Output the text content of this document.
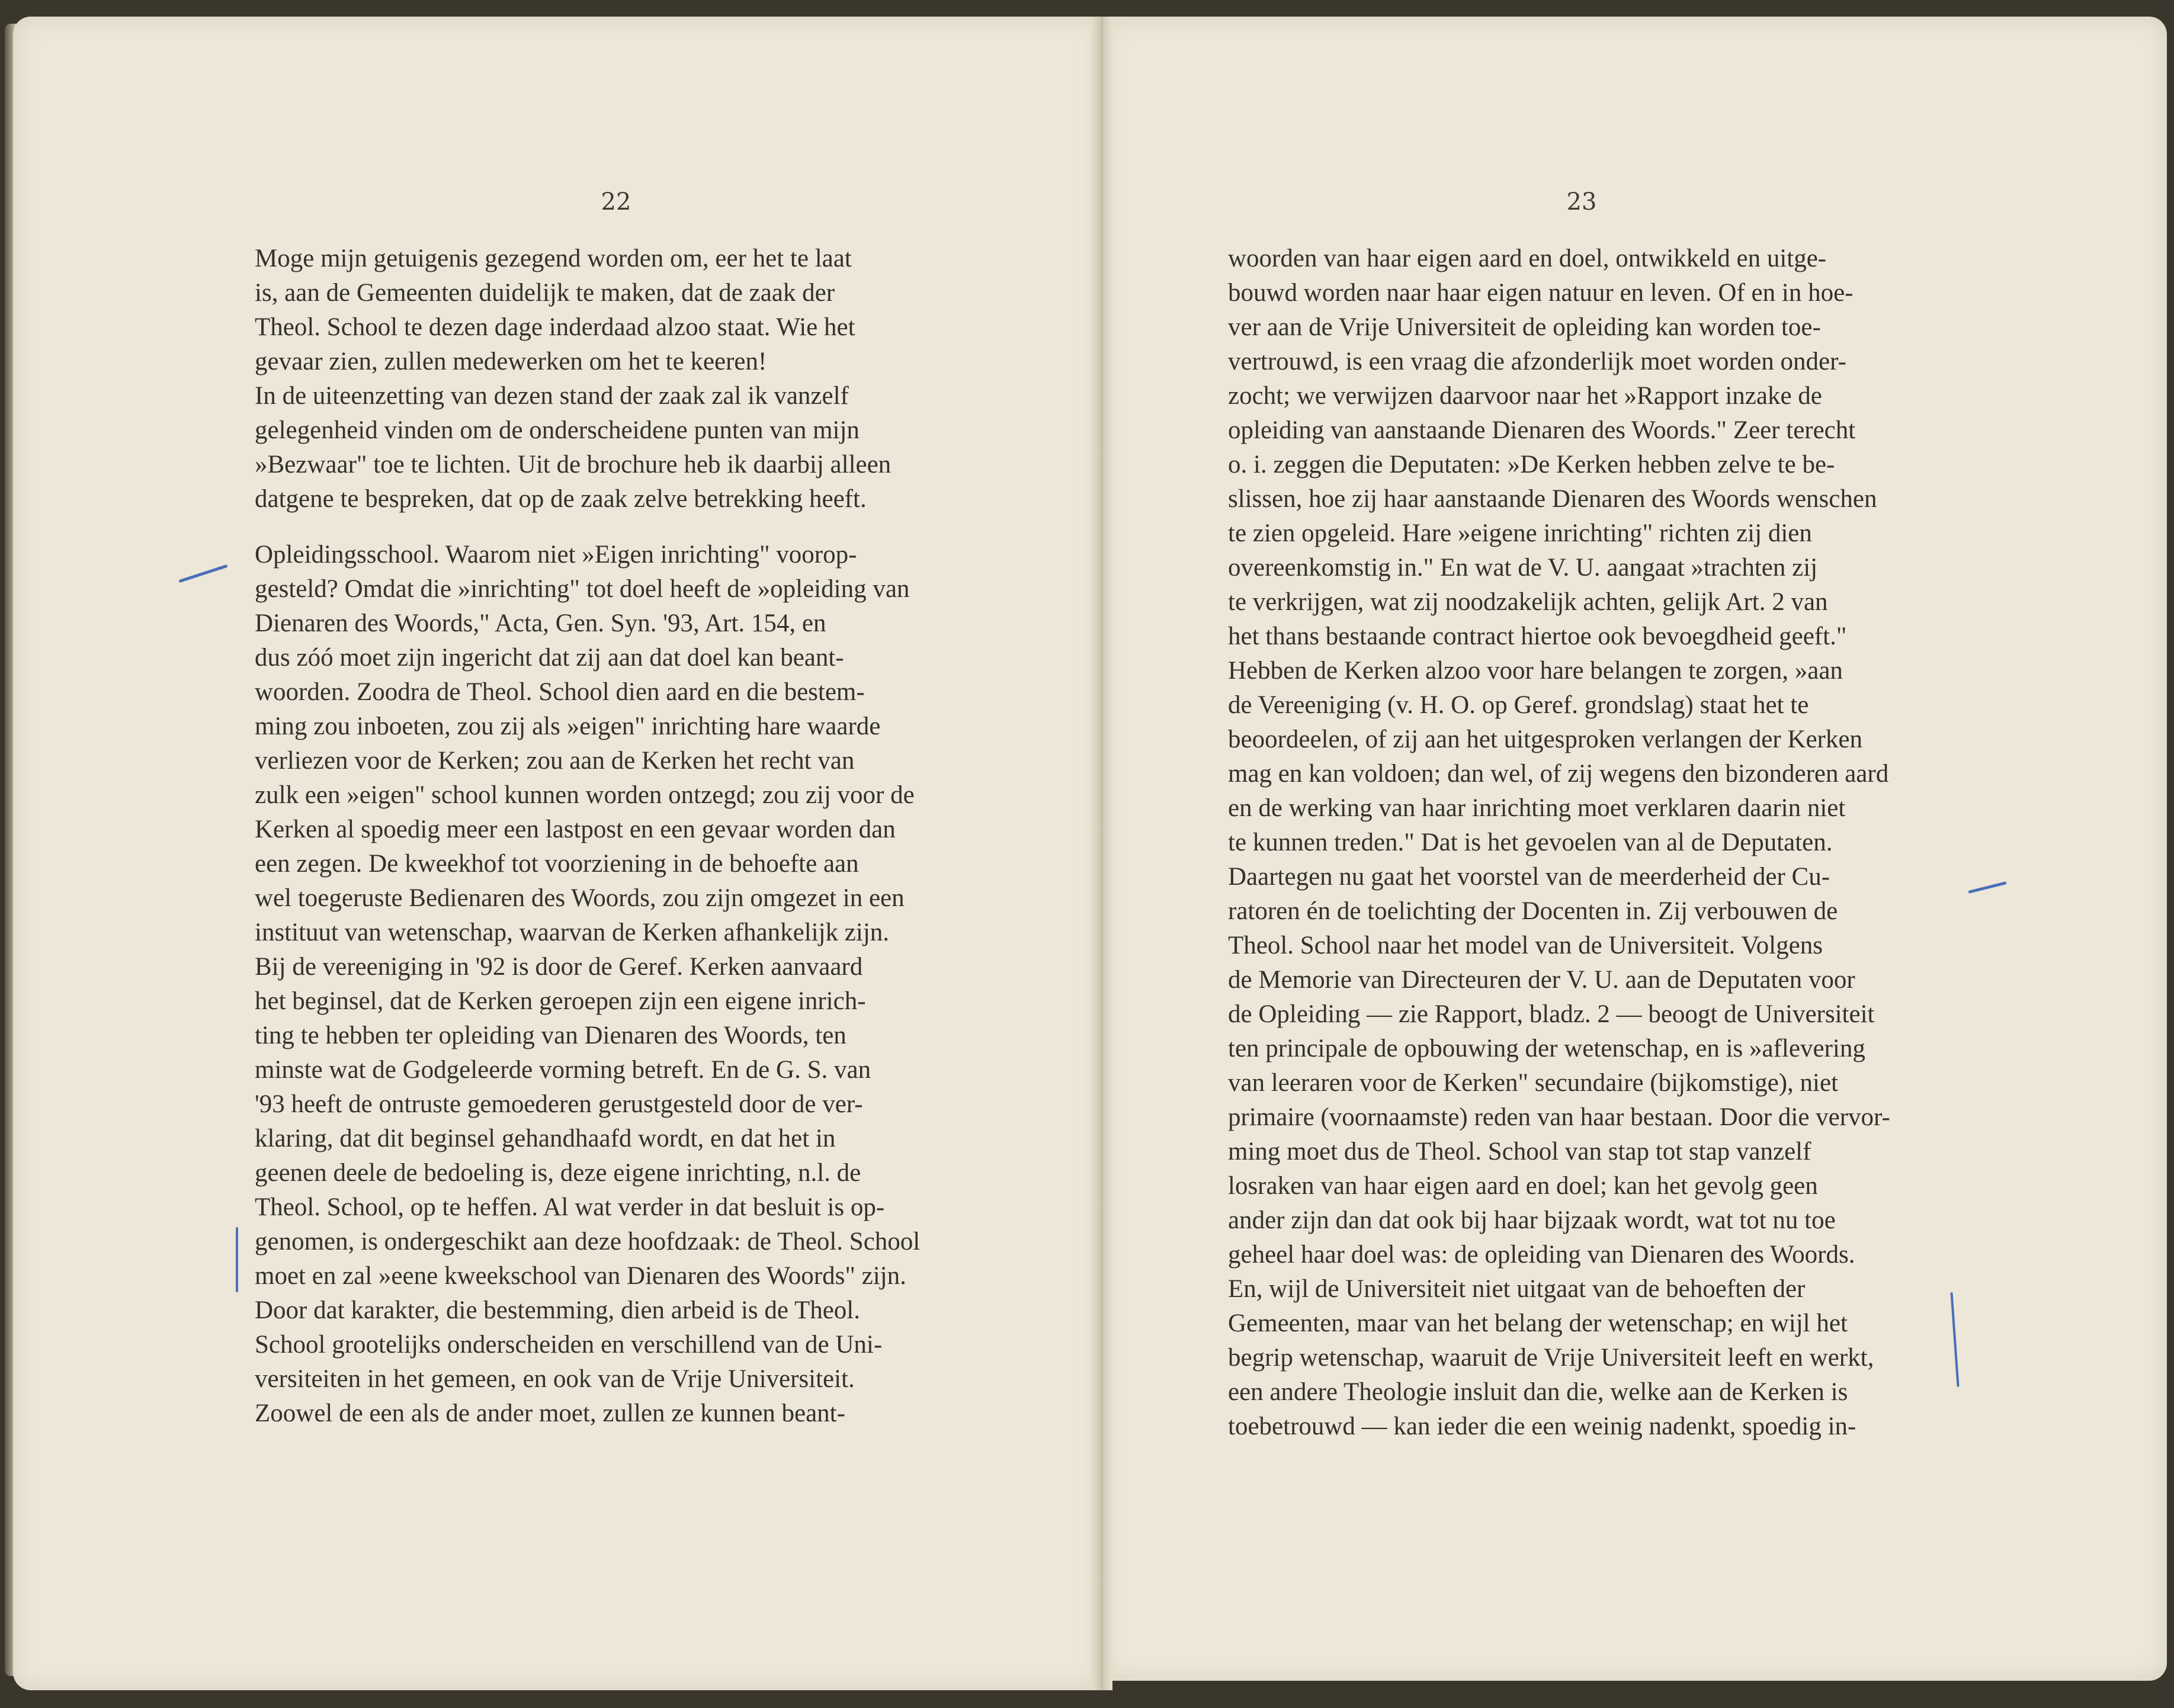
22	23
Moge mijn getuigenis gezegend worden om, eer het te laat
is, aan de Gemeenten duidelijk te maken, dat de zaak der
Theol. School te dezen dage inderdaad alzoo staat. Wie het
gevaar zien, zullen medewerken om het te keeren!
In de uiteenzetting van dezen stand der zaak zal ik vanzelf
gelegenheid vinden om de onderscheidene punten van mijn
»Bezwaar" toe te lichten. Uit de brochure heb ik daarbij alleen
datgene te bespreken, dat op de zaak zelve betrekking heeft.
Opleidingsschool. Waarom niet »Eigen inrichting" voorop-
gesteld? Omdat die »inrichting" tot doel heeft de »opleiding van
Dienaren des Woords," Acta, Gen. Syn. '93, Art. 154, en
dus zóó moet zijn ingericht dat zij aan dat doel kan beant-
woorden. Zoodra de Theol. School dien aard en die bestem-
ming zou inboeten, zou zij als »eigen" inrichting hare waarde
verliezen voor de Kerken; zou aan de Kerken het recht van
zulk een »eigen" school kunnen worden ontzegd; zou zij voor de
Kerken al spoedig meer een lastpost en een gevaar worden dan
een zegen. De kweekhof tot voorziening in de behoefte aan
wel toegeruste Bedienaren des Woords, zou zijn omgezet in een
instituut van wetenschap, waarvan de Kerken afhankelijk zijn.
Bij de vereeniging in '92 is door de Geref. Kerken aanvaard
het beginsel, dat de Kerken geroepen zijn een eigene inrich-
ting te hebben ter opleiding van Dienaren des Woords, ten
minste wat de Godgeleerde vorming betreft. En de G. S. van
'93 heeft de ontruste gemoederen gerustgesteld door de ver-
klaring, dat dit beginsel gehandhaafd wordt, en dat het in
geenen deele de bedoeling is, deze eigene inrichting, n.l. de
Theol. School, op te heffen. Al wat verder in dat besluit is op-
genomen, is ondergeschikt aan deze hoofdzaak: de Theol. School
moet en zal »eene kweekschool van Dienaren des Woords" zijn.
Door dat karakter, die bestemming, dien arbeid is de Theol.
School grootelijks onderscheiden en verschillend van de Uni-
versiteiten in het gemeen, en ook van de Vrije Universiteit.
Zoowel de een als de ander moet, zullen ze kunnen beant-
woorden van haar eigen aard en doel, ontwikkeld en uitge-
bouwd worden naar haar eigen natuur en leven. Of en in hoe-
ver aan de Vrije Universiteit de opleiding kan worden toe-
vertrouwd, is een vraag die afzonderlijk moet worden onder-
zocht; we verwijzen daarvoor naar het »Rapport inzake de
opleiding van aanstaande Dienaren des Woords." Zeer terecht
o. i. zeggen die Deputaten: »De Kerken hebben zelve te be-
slissen, hoe zij haar aanstaande Dienaren des Woords wenschen
te zien opgeleid. Hare »eigene inrichting" richten zij dien
overeenkomstig in." En wat de V. U. aangaat »trachten zij
te verkrijgen, wat zij noodzakelijk achten, gelijk Art. 2 van
het thans bestaande contract hiertoe ook bevoegdheid geeft."
Hebben de Kerken alzoo voor hare belangen te zorgen, »aan
de Vereeniging (v. H. O. op Geref. grondslag) staat het te
beoordeelen, of zij aan het uitgesproken verlangen der Kerken
mag en kan voldoen; dan wel, of zij wegens den bizonderen aard
en de werking van haar inrichting moet verklaren daarin niet
te kunnen treden." Dat is het gevoelen van al de Deputaten.
Daartegen nu gaat het voorstel van de meerderheid der Cu-
ratoren én de toelichting der Docenten in. Zij verbouwen de
Theol. School naar het model van de Universiteit. Volgens
de Memorie van Directeuren der V. U. aan de Deputaten voor
de Opleiding — zie Rapport, bladz. 2 — beoogt de Universiteit
ten principale de opbouwing der wetenschap, en is »aflevering
van leeraren voor de Kerken" secundaire (bijkomstige), niet
primaire (voornaamste) reden van haar bestaan. Door die vervor-
ming moet dus de Theol. School van stap tot stap vanzelf
losraken van haar eigen aard en doel; kan het gevolg geen
ander zijn dan dat ook bij haar bijzaak wordt, wat tot nu toe
geheel haar doel was: de opleiding van Dienaren des Woords.
En, wijl de Universiteit niet uitgaat van de behoeften der
Gemeenten, maar van het belang der wetenschap; en wijl het
begrip wetenschap, waaruit de Vrije Universiteit leeft en werkt,
een andere Theologie insluit dan die, welke aan de Kerken is
toebetrouwd — kan ieder die een weinig nadenkt, spoedig in-
